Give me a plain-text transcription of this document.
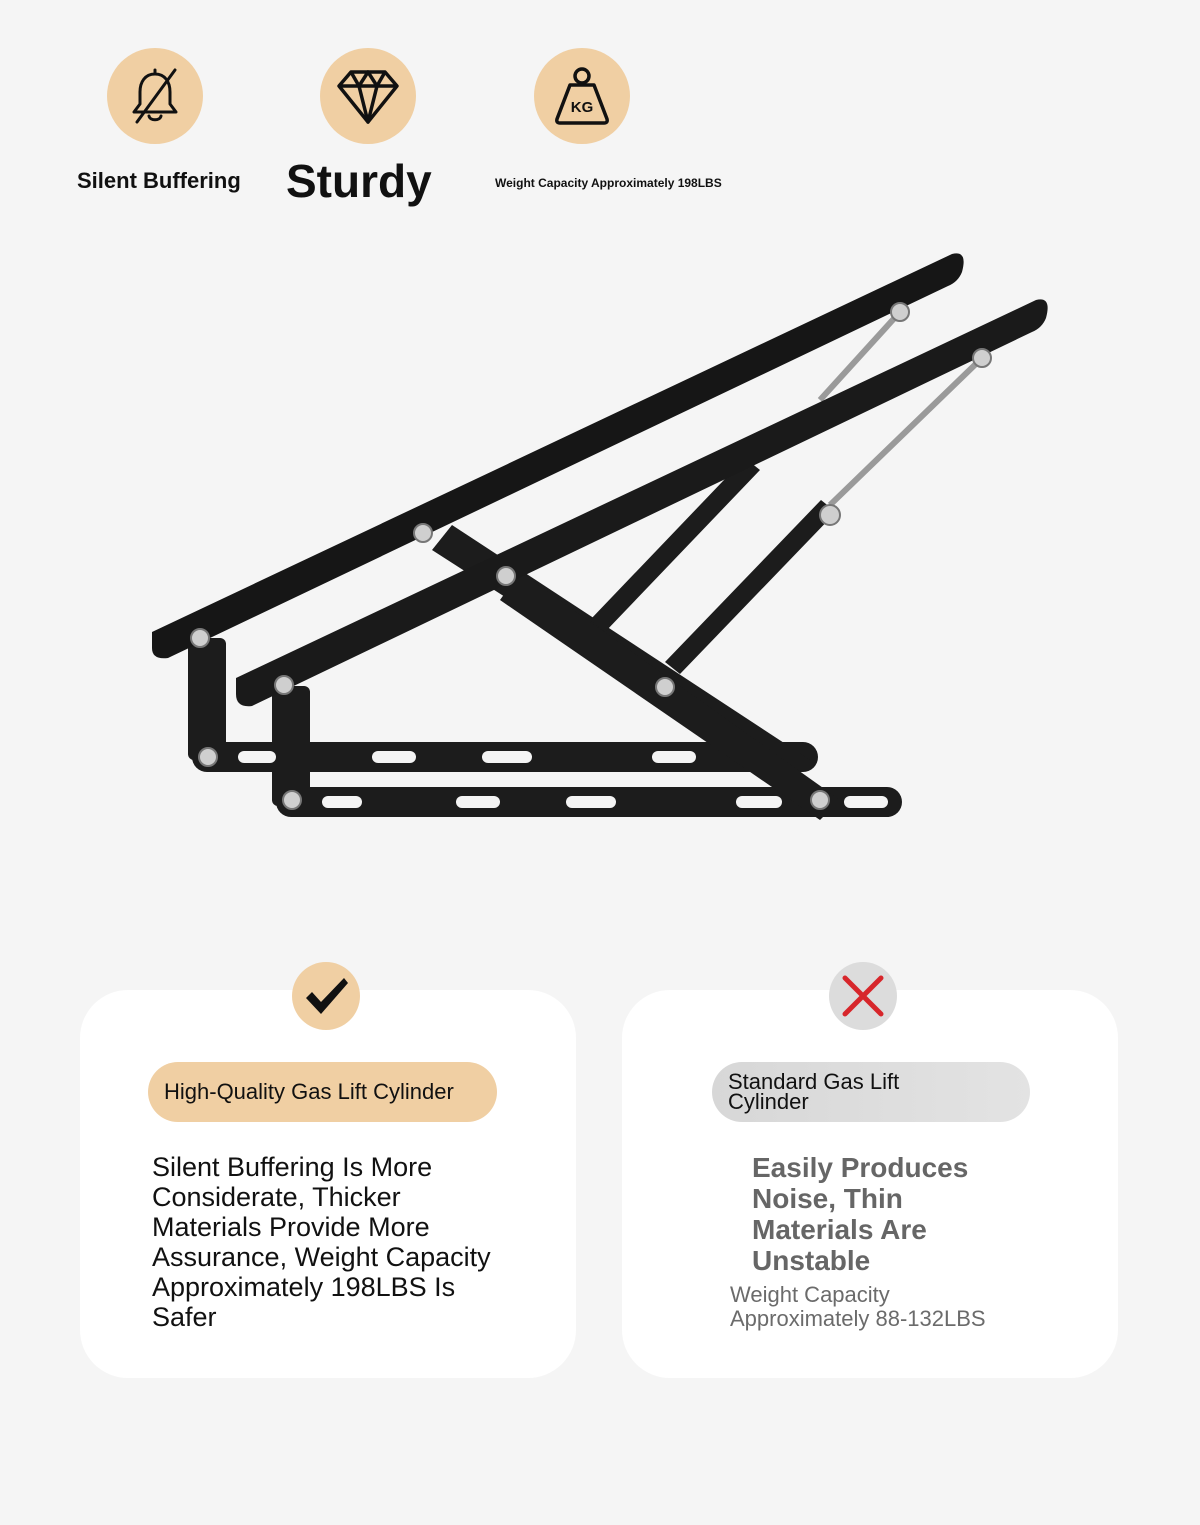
Silent Buffering Sturdy
KG
Weight Capacity Approximately 198LBS
High-Quality Gas Lift Cylinder
Silent Buffering Is More Considerate, Thicker Materials Provide More Assurance, Weight Capacity Approximately 198LBS Is Safer
Standard Gas Lift Cylinder
Easily Produces Noise, Thin Materials Are Unstable
Weight Capacity Approximately 88-132LBS
